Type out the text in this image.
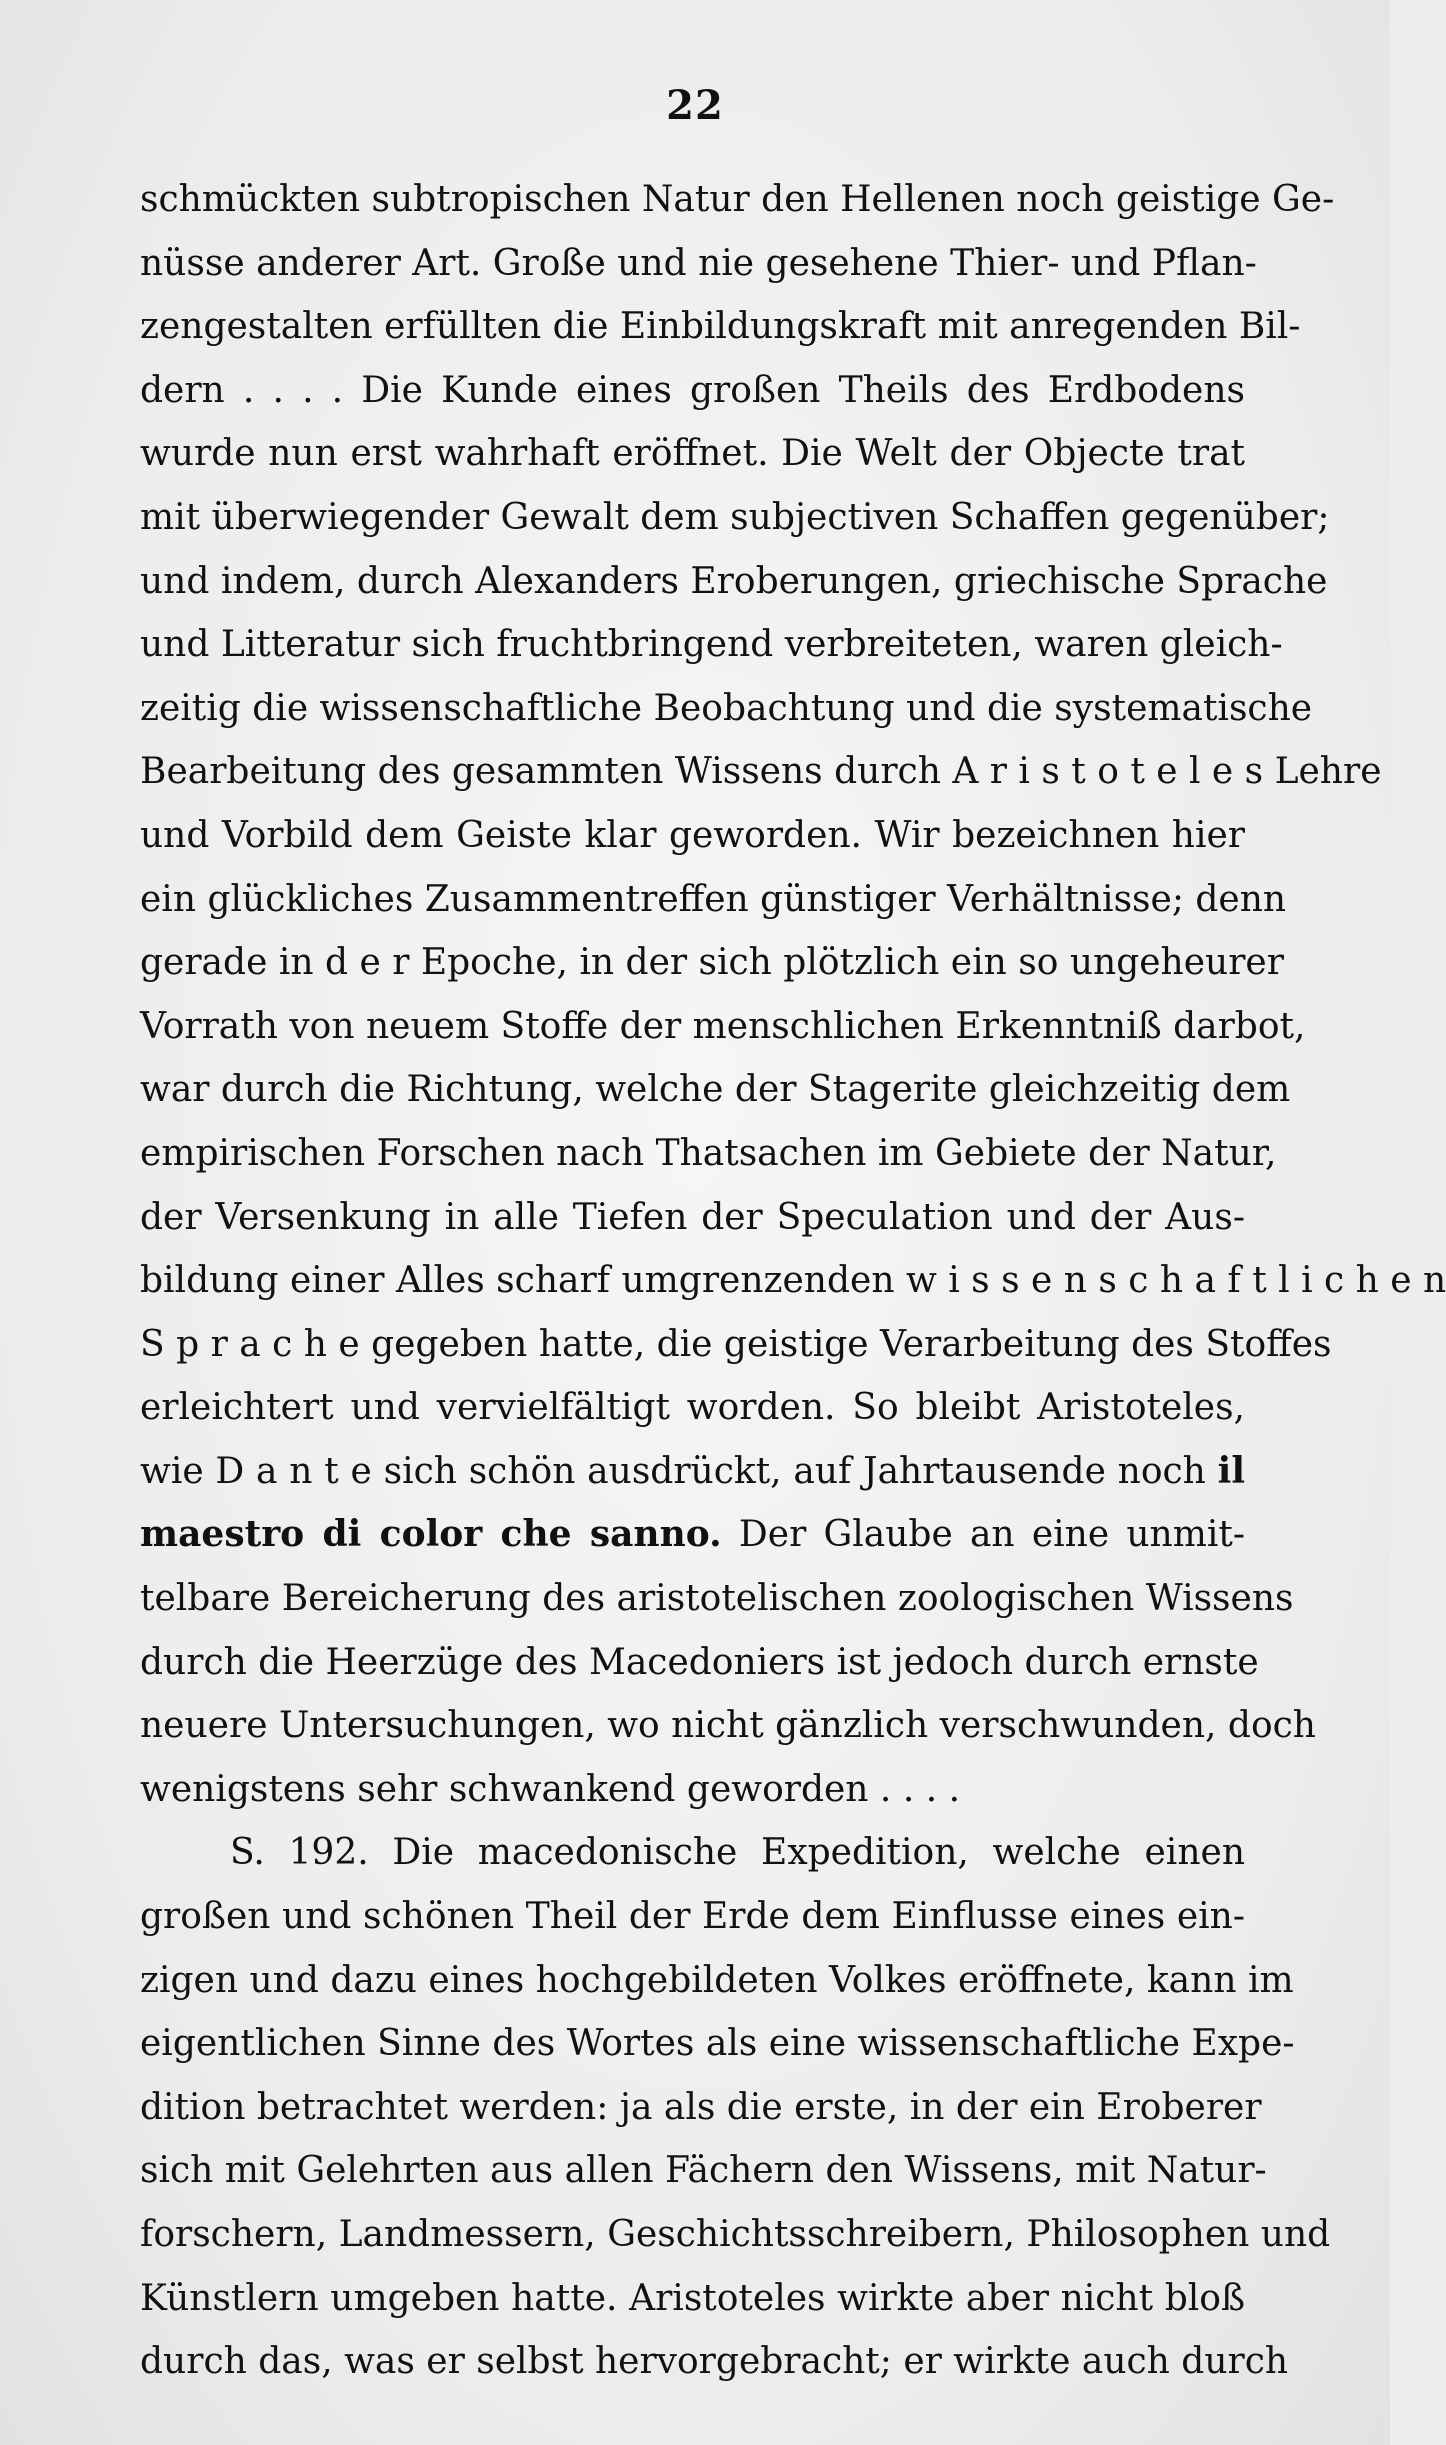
22
schmückten subtropischen Natur den Hellenen noch geistige Ge-
nüsse anderer Art. Große und nie gesehene Thier- und Pflan-
zengestalten erfüllten die Einbildungskraft mit anregenden Bil-
dern . . . . Die Kunde eines großen Theils des Erdbodens
wurde nun erst wahrhaft eröffnet. Die Welt der Objecte trat
mit überwiegender Gewalt dem subjectiven Schaffen gegenüber;
und indem, durch Alexanders Eroberungen, griechische Sprache
und Litteratur sich fruchtbringend verbreiteten, waren gleich-
zeitig die wissenschaftliche Beobachtung und die systematische
Bearbeitung des gesammten Wissens durch A r i s t o t e l e s Lehre
und Vorbild dem Geiste klar geworden. Wir bezeichnen hier
ein glückliches Zusammentreffen günstiger Verhältnisse; denn
gerade in d e r Epoche, in der sich plötzlich ein so ungeheurer
Vorrath von neuem Stoffe der menschlichen Erkenntniß darbot,
war durch die Richtung, welche der Stagerite gleichzeitig dem
empirischen Forschen nach Thatsachen im Gebiete der Natur,
der Versenkung in alle Tiefen der Speculation und der Aus-
bildung einer Alles scharf umgrenzenden w i s s e n s c h a f t l i c h e n
S p r a c h e gegeben hatte, die geistige Verarbeitung des Stoffes
erleichtert und vervielfältigt worden. So bleibt Aristoteles,
wie D a n t e sich schön ausdrückt, auf Jahrtausende noch il
maestro di color che sanno. Der Glaube an eine unmit-
telbare Bereicherung des aristotelischen zoologischen Wissens
durch die Heerzüge des Macedoniers ist jedoch durch ernste
neuere Untersuchungen, wo nicht gänzlich verschwunden, doch
wenigstens sehr schwankend geworden . . . .
S. 192. Die macedonische Expedition, welche einen
großen und schönen Theil der Erde dem Einflusse eines ein-
zigen und dazu eines hochgebildeten Volkes eröffnete, kann im
eigentlichen Sinne des Wortes als eine wissenschaftliche Expe-
dition betrachtet werden: ja als die erste, in der ein Eroberer
sich mit Gelehrten aus allen Fächern den Wissens, mit Natur-
forschern, Landmessern, Geschichtsschreibern, Philosophen und
Künstlern umgeben hatte. Aristoteles wirkte aber nicht bloß
durch das, was er selbst hervorgebracht; er wirkte auch durch
